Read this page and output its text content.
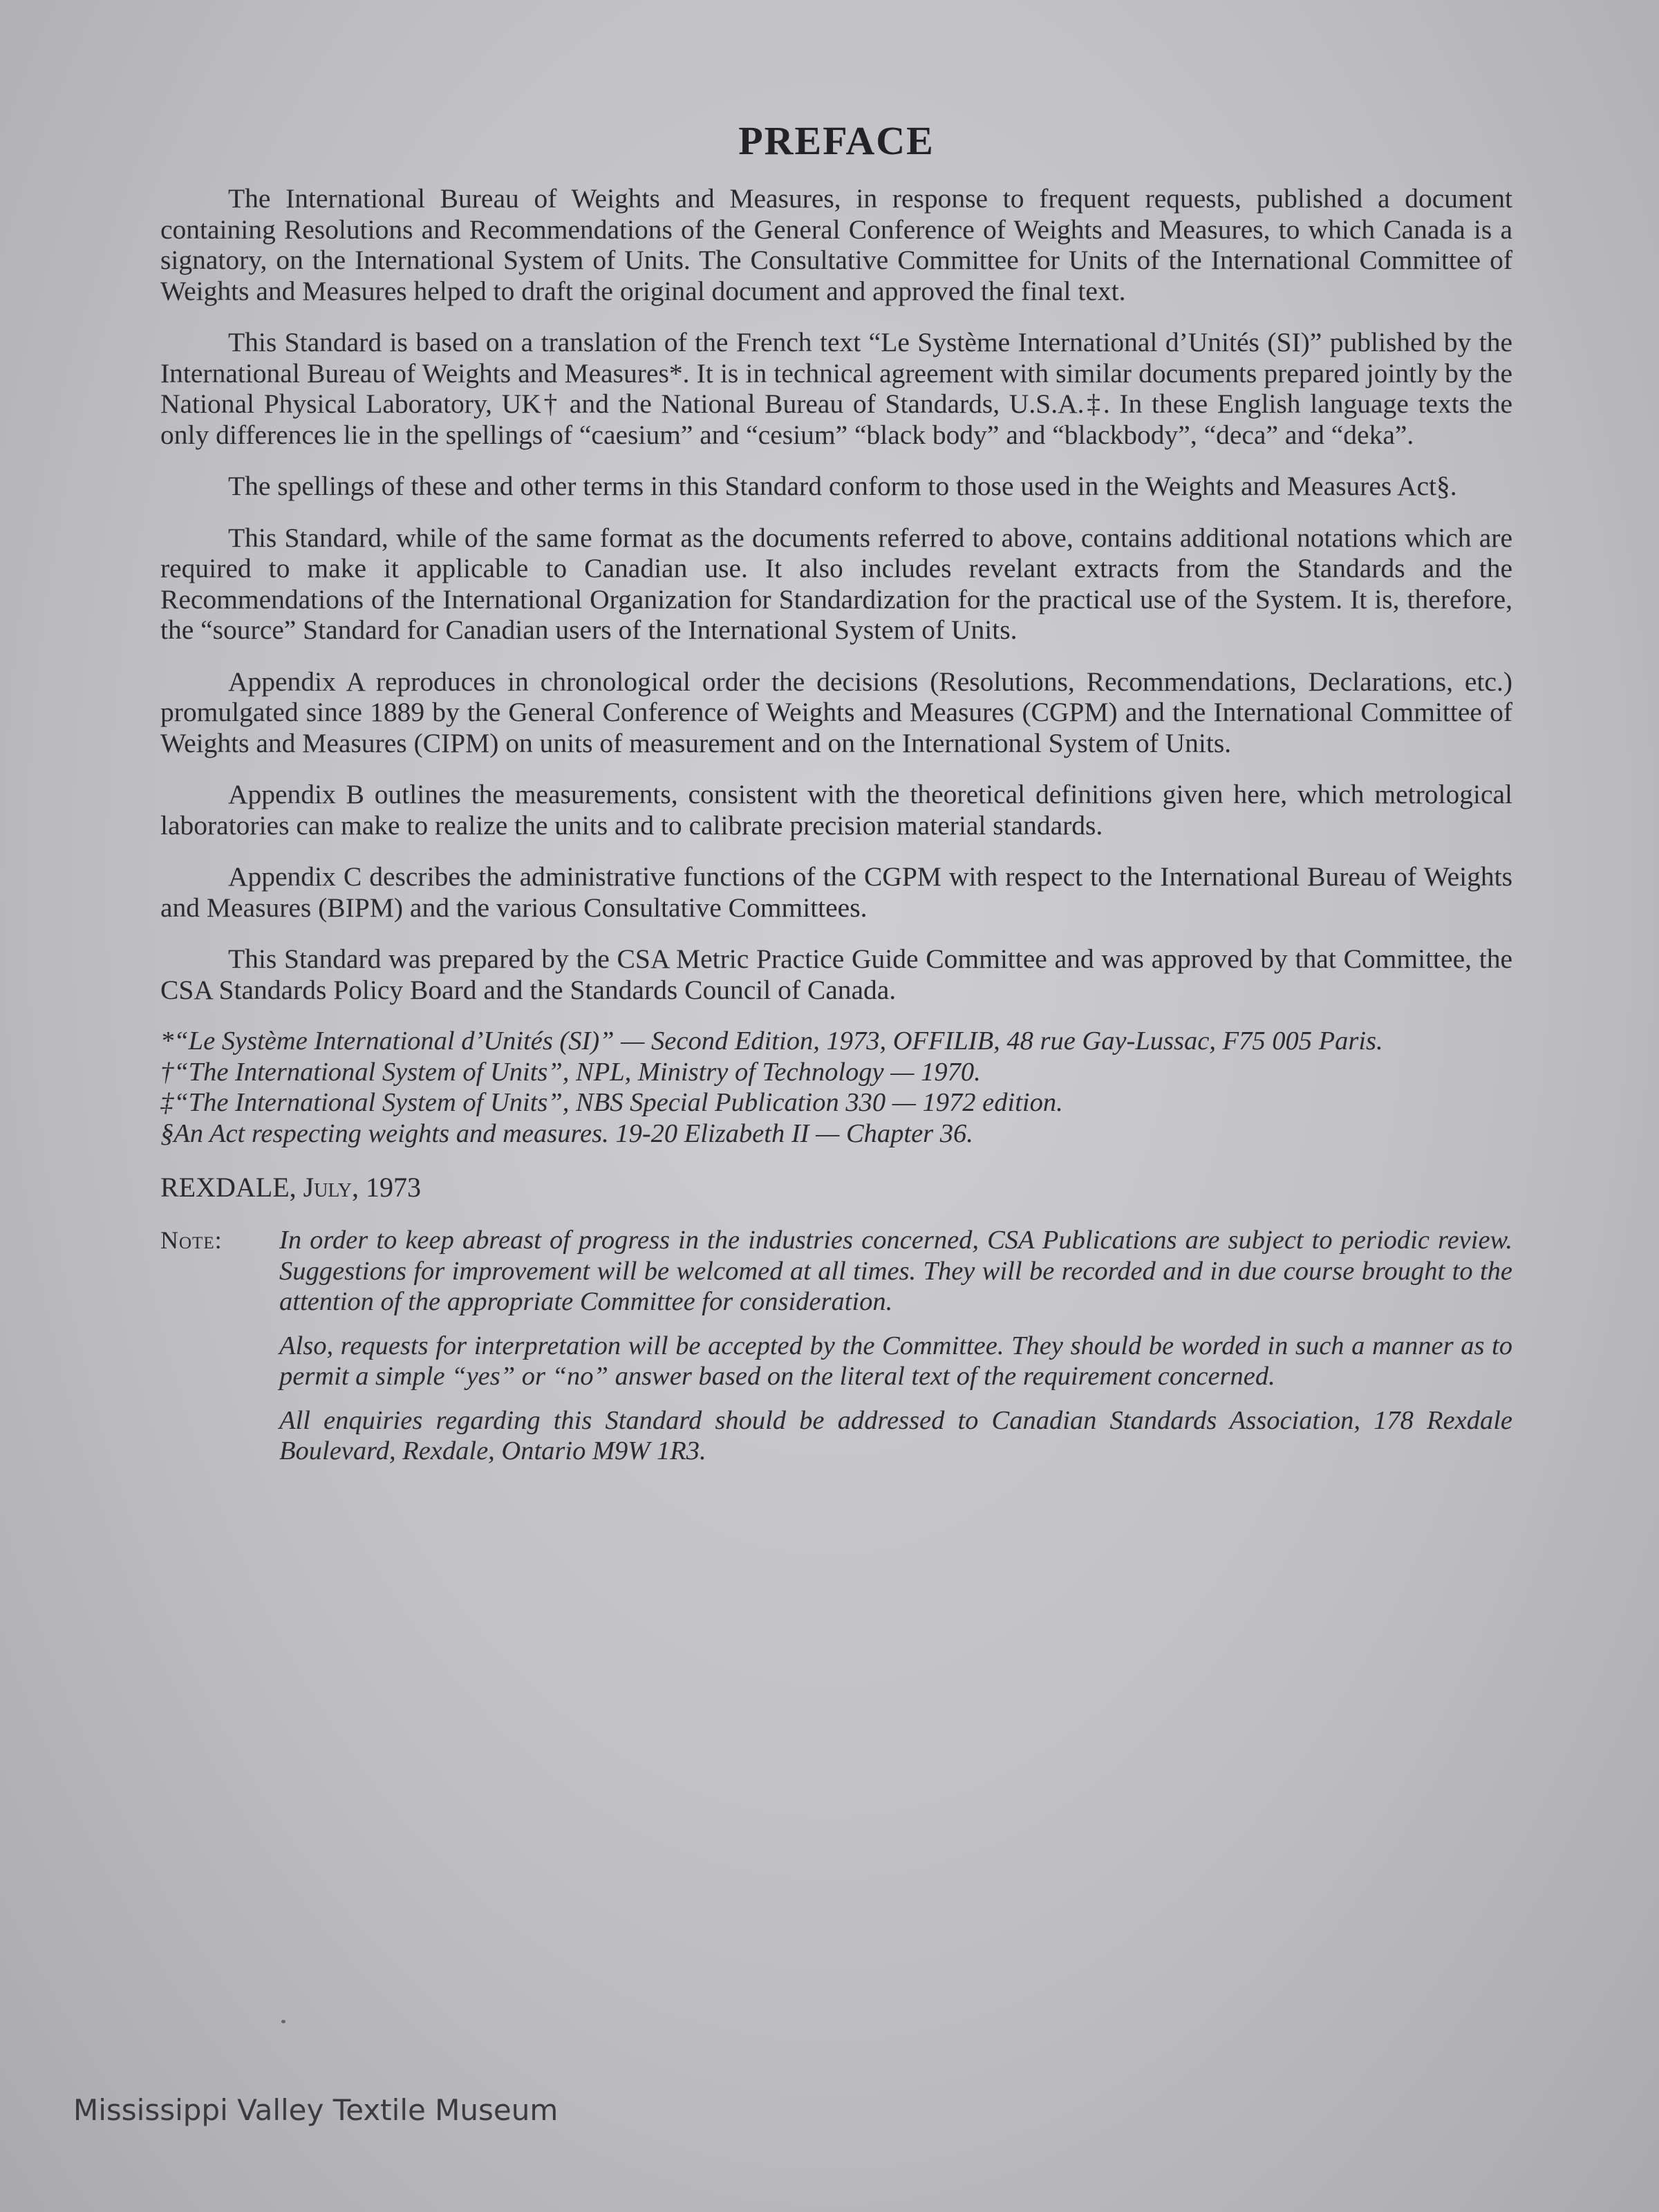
PREFACE

The International Bureau of Weights and Measures, in response to frequent requests, published a document containing Resolutions and Recommendations of the General Conference of Weights and Measures, to which Canada is a signatory, on the International System of Units. The Consultative Committee for Units of the International Committee of Weights and Measures helped to draft the original document and approved the final text.

This Standard is based on a translation of the French text “Le Système International d’Unités (SI)” published by the International Bureau of Weights and Measures*. It is in technical agreement with similar documents prepared jointly by the National Physical Laboratory, UK† and the National Bureau of Standards, U.S.A.‡. In these English language texts the only differences lie in the spellings of “caesium” and “cesium” “black body” and “blackbody”, “deca” and “deka”.

The spellings of these and other terms in this Standard conform to those used in the Weights and Measures Act§.

This Standard, while of the same format as the documents referred to above, contains additional notations which are required to make it applicable to Canadian use. It also includes revelant extracts from the Standards and the Recommendations of the International Organization for Standardization for the practical use of the System. It is, therefore, the “source” Standard for Canadian users of the International System of Units.

Appendix A reproduces in chronological order the decisions (Resolutions, Recommendations, Declarations, etc.) promulgated since 1889 by the General Conference of Weights and Measures (CGPM) and the International Committee of Weights and Measures (CIPM) on units of measurement and on the International System of Units.

Appendix B outlines the measurements, consistent with the theoretical definitions given here, which metrological laboratories can make to realize the units and to calibrate precision material standards.

Appendix C describes the administrative functions of the CGPM with respect to the International Bureau of Weights and Measures (BIPM) and the various Consultative Committees.

This Standard was prepared by the CSA Metric Practice Guide Committee and was approved by that Committee, the CSA Standards Policy Board and the Standards Council of Canada.

*“Le Système International d’Unités (SI)” — Second Edition, 1973, OFFILIB, 48 rue Gay-Lussac, F75 005 Paris.

†“The International System of Units”, NPL, Ministry of Technology — 1970.

‡“The International System of Units”, NBS Special Publication 330 — 1972 edition.

§An Act respecting weights and measures. 19-20 Elizabeth II — Chapter 36.

REXDALE, July, 1973
Note:	In order to keep abreast of progress in the industries concerned, CSA Publications are subject to periodic review. Suggestions for improvement will be welcomed at all times. They will be recorded and in due course brought to the attention of the appropriate Committee for consideration.

Also, requests for interpretation will be accepted by the Committee. They should be worded in such a manner as to permit a simple “yes” or “no” answer based on the literal text of the requirement concerned.

All enquiries regarding this Standard should be addressed to Canadian Standards Association, 178 Rexdale Boulevard, Rexdale, Ontario M9W 1R3.

Mississippi Valley Textile Museum
